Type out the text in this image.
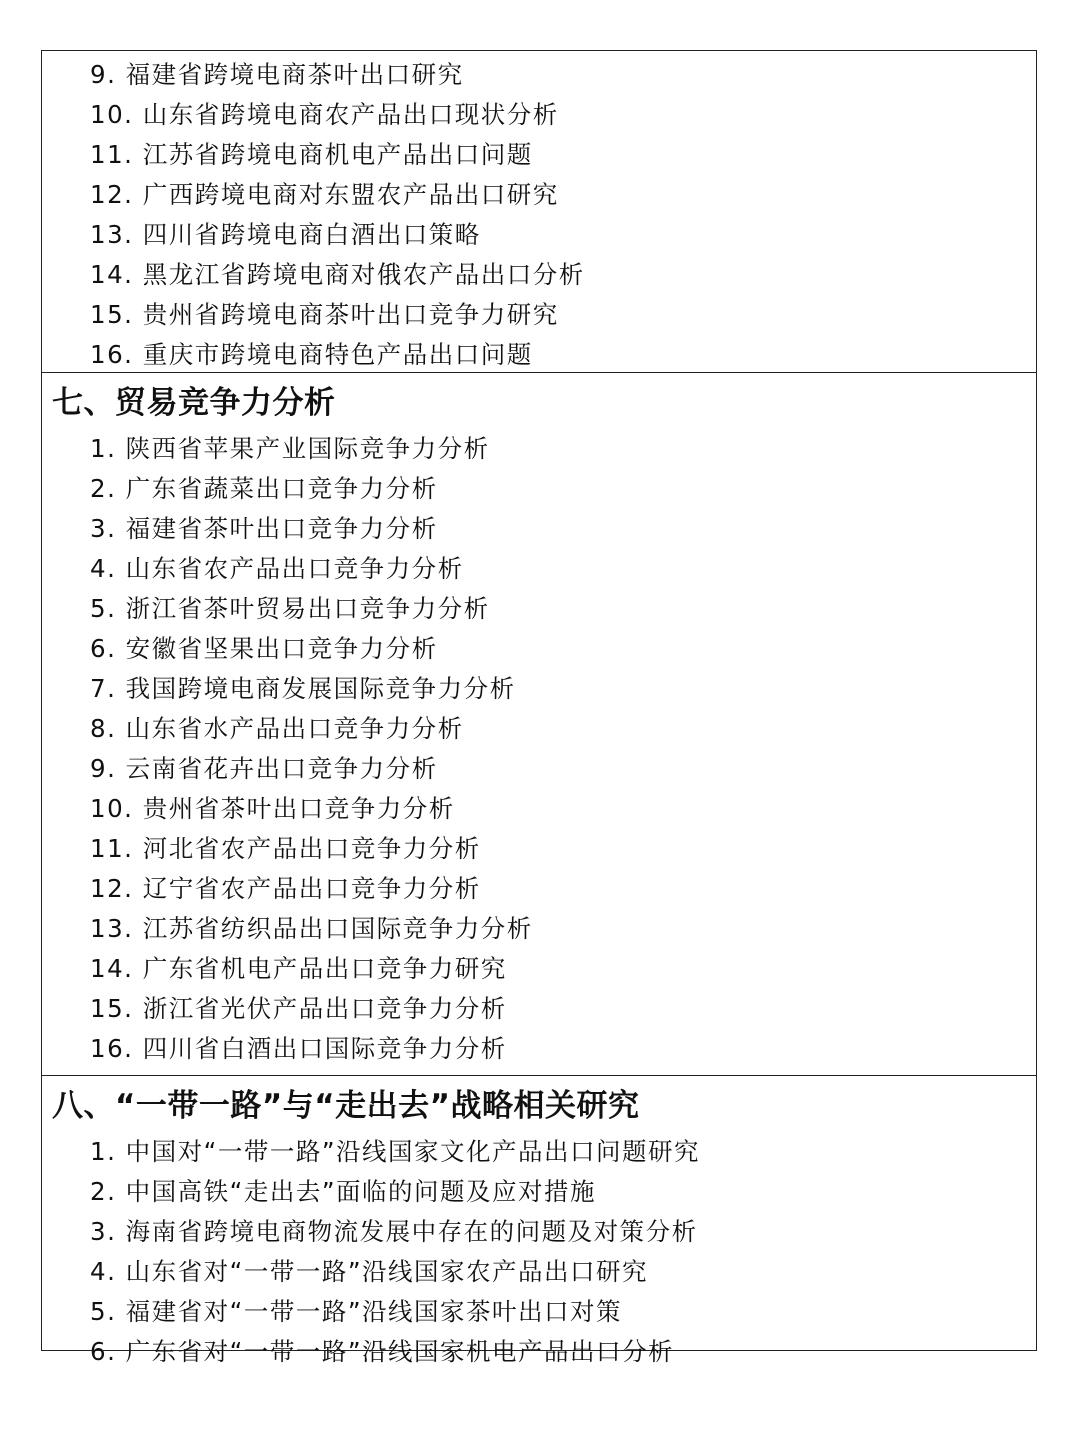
9. 福建省跨境电商茶叶出口研究
10. 山东省跨境电商农产品出口现状分析
11. 江苏省跨境电商机电产品出口问题
12. 广西跨境电商对东盟农产品出口研究
13. 四川省跨境电商白酒出口策略
14. 黑龙江省跨境电商对俄农产品出口分析
15. 贵州省跨境电商茶叶出口竞争力研究
16. 重庆市跨境电商特色产品出口问题
七、贸易竞争力分析
1. 陕西省苹果产业国际竞争力分析
2. 广东省蔬菜出口竞争力分析
3. 福建省茶叶出口竞争力分析
4. 山东省农产品出口竞争力分析
5. 浙江省茶叶贸易出口竞争力分析
6. 安徽省坚果出口竞争力分析
7. 我国跨境电商发展国际竞争力分析
8. 山东省水产品出口竞争力分析
9. 云南省花卉出口竞争力分析
10. 贵州省茶叶出口竞争力分析
11. 河北省农产品出口竞争力分析
12. 辽宁省农产品出口竞争力分析
13. 江苏省纺织品出口国际竞争力分析
14. 广东省机电产品出口竞争力研究
15. 浙江省光伏产品出口竞争力分析
16. 四川省白酒出口国际竞争力分析
八、“一带一路”与“走出去”战略相关研究
1. 中国对“一带一路”沿线国家文化产品出口问题研究
2. 中国高铁“走出去”面临的问题及应对措施
3. 海南省跨境电商物流发展中存在的问题及对策分析
4. 山东省对“一带一路”沿线国家农产品出口研究
5. 福建省对“一带一路”沿线国家茶叶出口对策
6. 广东省对“一带一路”沿线国家机电产品出口分析
